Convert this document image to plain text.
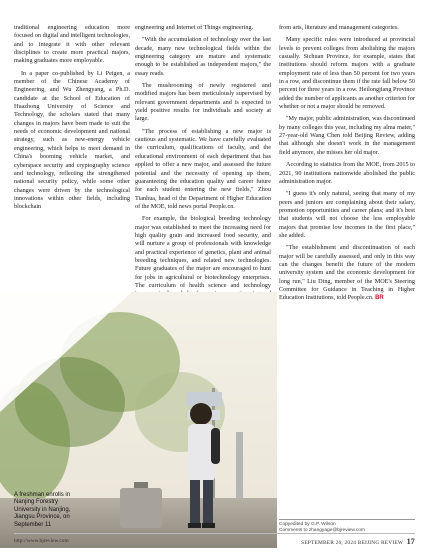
traditional engineering education more focused on digital and intelligent technologies, and to integrate it with other relevant disciplines to create more practical majors, making graduates more employable.

In a paper co-published by Li Peigen, a member of the Chinese Academy of Engineering, and Wu Zhengyang, a Ph.D. candidate at the School of Education of Huazhong University of Science and Technology, the scholars stated that many changes in majors have been made to suit the needs of economic development and national strategy, such as new-energy vehicle engineering, which helps to meet demand in China's booming vehicle market, and cyberspace security and cryptography science and technology, reflecting the strengthened national security policy, while some other changes were driven by the technological innovations within other fields, including blockchain

engineering and Internet of Things engineering.

"With the accumulation of technology over the last decade, many new technological fields within the engineering category are mature and systematic enough to be established as independent majors," the essay reads.

The mushrooming of newly registered and modified majors has been meticulously supervised by relevant government departments and is expected to yield positive results for individuals and society at large.

"The process of establishing a new major is cautious and systematic. We have carefully evaluated the curriculum, qualifications of faculty, and the educational environment of each department that has applied to offer a new major, and assessed the future potential and the necessity of opening up them, guaranteeing the education quality and career future for each student entering the new fields," Zhou Tianhua, head of the Department of Higher Education of the MOE, told news portal People.cn.

For example, the biological breeding technology major was established to meet the increasing need for high quality grain and increased food security, and will nurture a group of professionals with knowledge and practical experience of genetics, plant and animal breeding techniques, and related new technologies. Future graduates of the major are encouraged to hunt for jobs in agricultural or biotechnology enterprises. The curriculum of health science and technology

from arts, literature and management categories.

Many specific rules were introduced at provincial levels to prevent colleges from abolishing the majors casually. Sichuan Province, for example, states that institutions should reform majors with a graduate employment rate of less than 50 percent for two years in a row, and discontinue them if the rate fall below 50 percent for three years in a row. Heilongjiang Province added the number of applicants as another criterion for whether or not a major should be removed.

"My major, public administration, was discontinued by many colleges this year, including my alma mater," 27-year-old Wang Chen told Beijing Review, adding that although she doesn't work in the management field anymore, she misses her old major.

According to statistics from the MOE, from 2015 to 2021, 90 institutions nationwide abolished the public administration major.

"I guess it's only natural, seeing that many of my peers and juniors are complaining about their salary, promotion opportunities and career plans; and it's best that students will not choose the less employable majors that promise low incomes in the first place," she added.

"The establishment and discontinuation of each major will be carefully assessed, and only in this way can the changes benefit the future of the modern university system and the economic development for long run," Liu Ding, member of the MOE's Steering Committee for Guidance in Teaching in Higher Education Institutions, told People.cn. BR

A freshman enrolls in Nanjing Forestry University in Nanjing, Jiangsu Province, on September 11	Copyedited by G.P. Wilson
Comments to zhangyage@bjreview.com
http://www.bjreview.com	SEPTEMBER 26, 2024 BEIJING REVIEW 17
